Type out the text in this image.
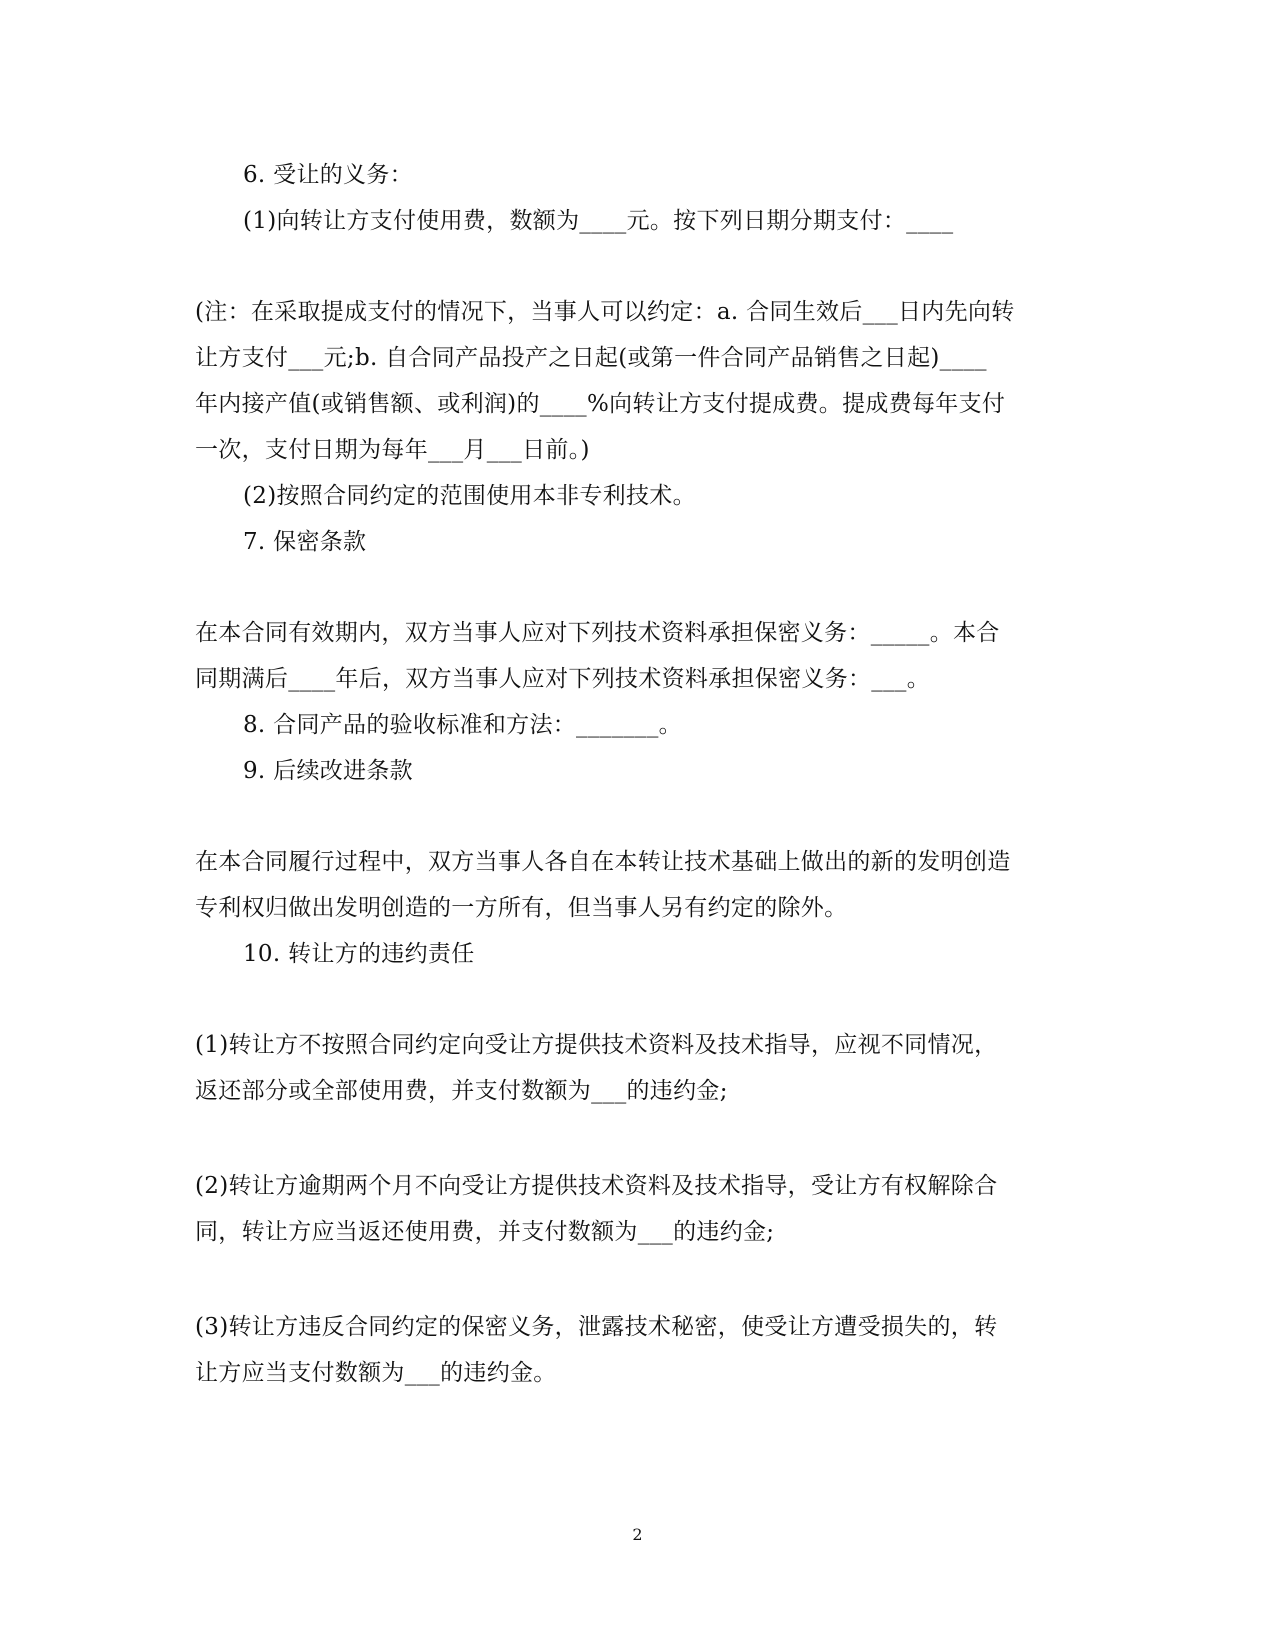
6. 受让的义务：
(1)向转让方支付使用费，数额为____元。按下列日期分期支付：____
(注：在采取提成支付的情况下，当事人可以约定：a. 合同生效后___日内先向转
让方支付___元;b. 自合同产品投产之日起(或第一件合同产品销售之日起)____
年内接产值(或销售额、或利润)的____%向转让方支付提成费。提成费每年支付
一次，支付日期为每年___月___日前。)
(2)按照合同约定的范围使用本非专利技术。
7. 保密条款
在本合同有效期内，双方当事人应对下列技术资料承担保密义务：_____。本合
同期满后____年后，双方当事人应对下列技术资料承担保密义务：___。
8. 合同产品的验收标准和方法：_______。
9. 后续改进条款
在本合同履行过程中，双方当事人各自在本转让技术基础上做出的新的发明创造
专利权归做出发明创造的一方所有，但当事人另有约定的除外。
10. 转让方的违约责任
(1)转让方不按照合同约定向受让方提供技术资料及技术指导，应视不同情况，
返还部分或全部使用费，并支付数额为___的违约金;
(2)转让方逾期两个月不向受让方提供技术资料及技术指导，受让方有权解除合
同，转让方应当返还使用费，并支付数额为___的违约金;
(3)转让方违反合同约定的保密义务，泄露技术秘密，使受让方遭受损失的，转
让方应当支付数额为___的违约金。
2
